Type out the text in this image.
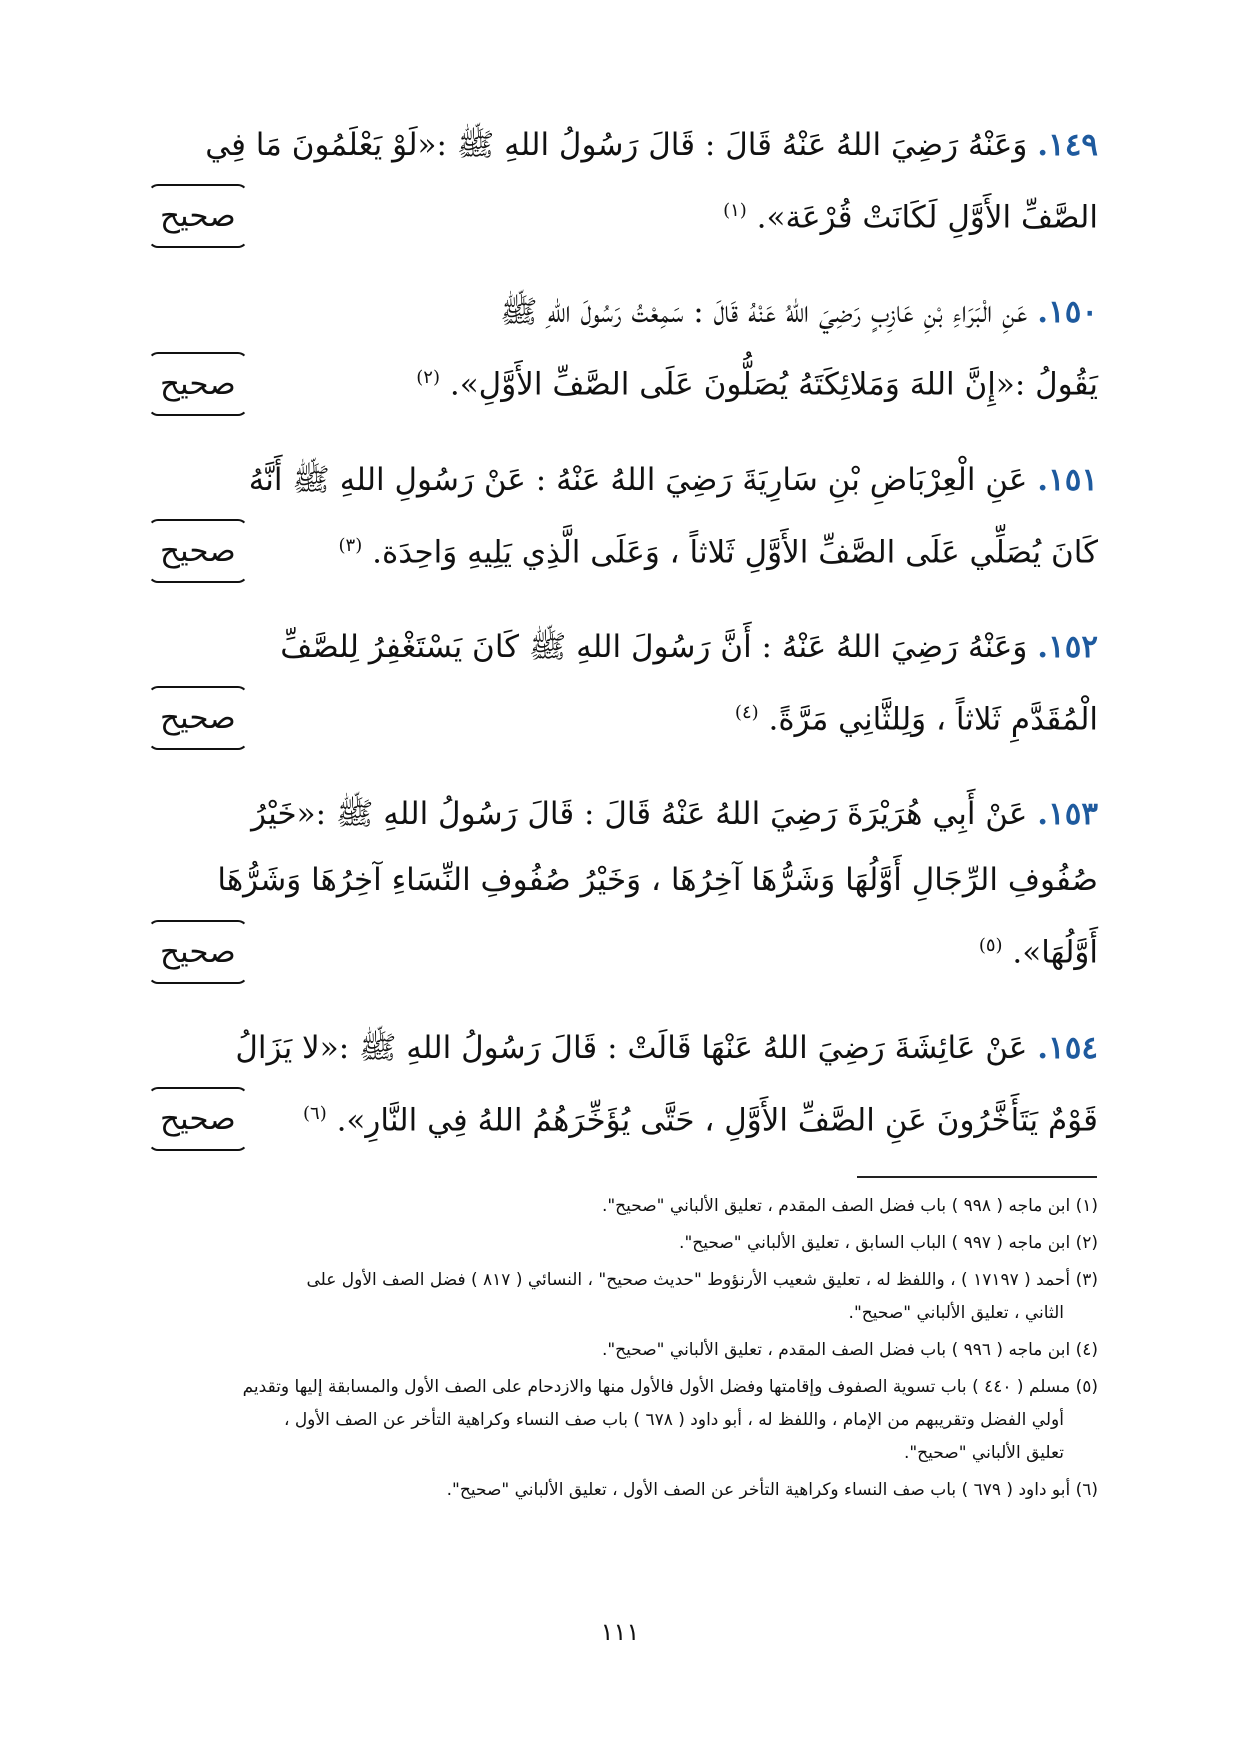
١٤٩. وَعَنْهُ رَضِيَ اللهُ عَنْهُ قَالَ : قَالَ رَسُولُ اللهِ ﷺ :«لَوْ يَعْلَمُونَ مَا فِي
الصَّفِّ الأَوَّلِ لَكَانَتْ قُرْعَة». $^{(١)}$
صحيح
١٥٠. عَنِ الْبَرَاءِ بْنِ عَازِبٍ رَضِيَ اللهُ عَنْهُ قَالَ : سَمِعْتُ رَسُولَ اللهِ ﷺ
يَقُولُ :«إِنَّ اللهَ وَمَلائِكَتَهُ يُصَلُّونَ عَلَى الصَّفِّ الأَوَّلِ». $^{(٢)}$
صحيح
١٥١. عَنِ الْعِرْبَاضِ بْنِ سَارِيَةَ رَضِيَ اللهُ عَنْهُ : عَنْ رَسُولِ اللهِ ﷺ أَنَّهُ
كَانَ يُصَلِّي عَلَى الصَّفِّ الأَوَّلِ ثَلاثاً ، وَعَلَى الَّذِي يَلِيهِ وَاحِدَة. $^{(٣)}$
صحيح
١٥٢. وَعَنْهُ رَضِيَ اللهُ عَنْهُ : أَنَّ رَسُولَ اللهِ ﷺ كَانَ يَسْتَغْفِرُ لِلصَّفِّ
الْمُقَدَّمِ ثَلاثاً ، وَلِلثَّانِي مَرَّةً. $^{(٤)}$
صحيح
١٥٣. عَنْ أَبِي هُرَيْرَةَ رَضِيَ اللهُ عَنْهُ قَالَ : قَالَ رَسُولُ اللهِ ﷺ :«خَيْرُ
صُفُوفِ الرِّجَالِ أَوَّلُهَا وَشَرُّهَا آخِرُهَا ، وَخَيْرُ صُفُوفِ النِّسَاءِ آخِرُهَا وَشَرُّهَا
أَوَّلُهَا». $^{(٥)}$
صحيح
١٥٤. عَنْ عَائِشَةَ رَضِيَ اللهُ عَنْهَا قَالَتْ : قَالَ رَسُولُ اللهِ ﷺ :«لا يَزَالُ
قَوْمٌ يَتَأَخَّرُونَ عَنِ الصَّفِّ الأَوَّلِ ، حَتَّى يُؤَخِّرَهُمُ اللهُ فِي النَّارِ». $^{(٦)}$
صحيح

(١) ابن ماجه ( ٩٩٨ ) باب فضل الصف المقدم ، تعليق الألباني "صحيح".

(٢) ابن ماجه ( ٩٩٧ ) الباب السابق ، تعليق الألباني "صحيح".

(٣) أحمد ( ١٧١٩٧ ) ، واللفظ له ، تعليق شعيب الأرنؤوط "حديث صحيح" ، النسائي ( ٨١٧ ) فضل الصف الأول على
الثاني ، تعليق الألباني "صحيح".

(٤) ابن ماجه ( ٩٩٦ ) باب فضل الصف المقدم ، تعليق الألباني "صحيح".

(٥) مسلم ( ٤٤٠ ) باب تسوية الصفوف وإقامتها وفضل الأول فالأول منها والازدحام على الصف الأول والمسابقة إليها وتقديم
أولي الفضل وتقريبهم من الإمام ، واللفظ له ، أبو داود ( ٦٧٨ ) باب صف النساء وكراهية التأخر عن الصف الأول ،
تعليق الألباني "صحيح".

(٦) أبو داود ( ٦٧٩ ) باب صف النساء وكراهية التأخر عن الصف الأول ، تعليق الألباني "صحيح".

١١١
